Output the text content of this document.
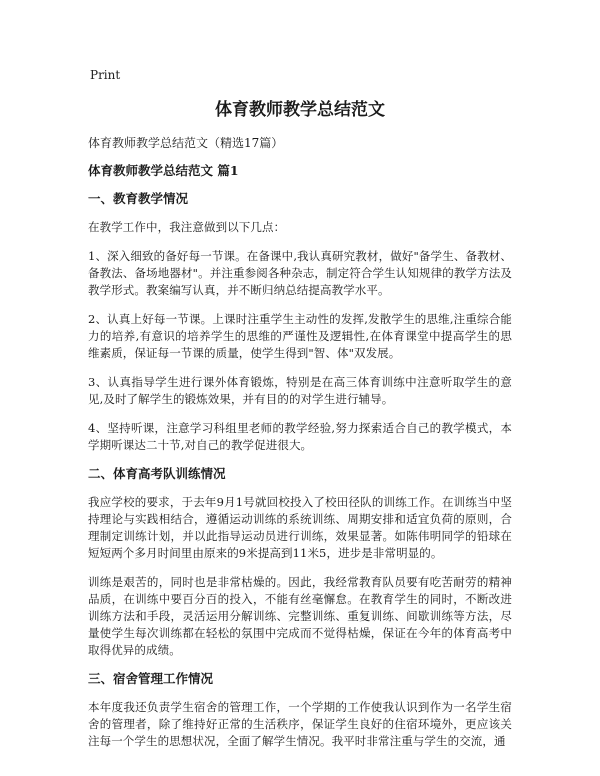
Print
体育教师教学总结范文

体育教师教学总结范文（精选17篇）

体育教师教学总结范文 篇1

一、教育教学情况

在教学工作中，我注意做到以下几点：

1、深入细致的备好每一节课。在备课中,我认真研究教材，做好"备学生、备教材、备教法、备场地器材"。并注重参阅各种杂志，制定符合学生认知规律的教学方法及教学形式。教案编写认真，并不断归纳总结提高教学水平。

2、认真上好每一节课。上课时注重学生主动性的发挥,发散学生的思维,注重综合能力的培养,有意识的培养学生的思维的严谨性及逻辑性,在体育课堂中提高学生的思维素质，保证每一节课的质量，使学生得到"智、体"双发展。

3、认真指导学生进行课外体育锻炼，特别是在高三体育训练中注意听取学生的意见,及时了解学生的锻炼效果，并有目的的对学生进行辅导。

4、坚持听课，注意学习科组里老师的教学经验,努力探索适合自己的教学模式，本学期听课达二十节,对自己的教学促进很大。

二、体育高考队训练情况

我应学校的要求，于去年9月1号就回校投入了校田径队的训练工作。在训练当中坚持理论与实践相结合，遵循运动训练的系统训练、周期安排和适宜负荷的原则，合理制定训练计划，并以此指导运动员进行训练，效果显著。如陈伟明同学的铅球在短短两个多月时间里由原来的9米提高到11米5，进步是非常明显的。

训练是艰苦的，同时也是非常枯燥的。因此，我经常教育队员要有吃苦耐劳的精神品质，在训练中要百分百的投入，不能有丝毫懈怠。在教育学生的同时，不断改进训练方法和手段，灵活运用分解训练、完整训练、重复训练、间歇训练等方法，尽量使学生每次训练都在轻松的氛围中完成而不觉得枯燥，保证在今年的体育高考中取得优异的成绩。

三、宿舍管理工作情况

本年度我还负责学生宿舍的管理工作，一个学期的工作使我认识到作为一名学生宿舍的管理者，除了维持好正常的生活秩序，保证学生良好的住宿环境外，更应该关注每一个学生的思想状况，全面了解学生情况。我平时非常注重与学生的交流，通
